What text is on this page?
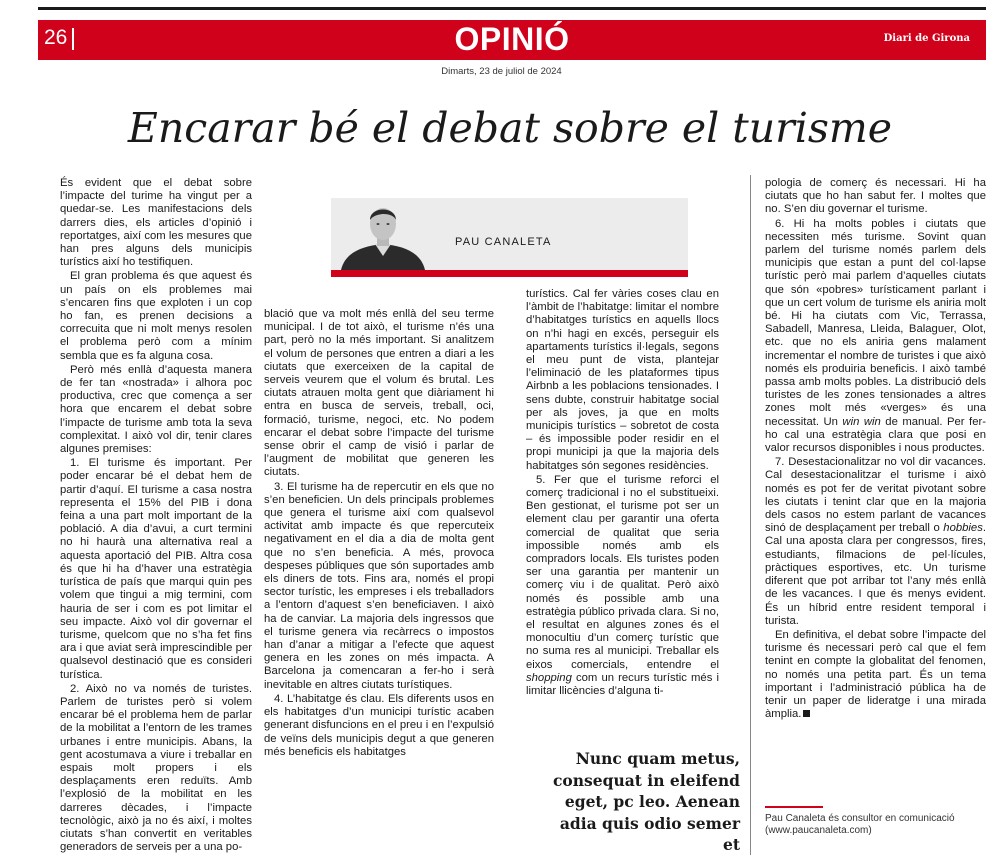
26	OPINIÓ	Diari de Girona
Dimarts, 23 de juliol de 2024
Encarar bé el debat sobre el turisme

És evident que el debat sobre l’impacte del turime ha vingut per a quedar-se. Les manifestacions dels darrers dies, els articles d’opinió i reportatges, així com les mesures que han pres alguns dels municipis turístics així ho testifiquen.

El gran problema és que aquest és un país on els problemes mai s’encaren fins que exploten i un cop ho fan, es prenen decisions a correcuita que ni molt menys resolen el problema però com a mínim sembla que es fa alguna cosa.

Però més enllà d’aquesta manera de fer tan «nostrada» i alhora poc productiva, crec que comença a ser hora que encarem el debat sobre l’impacte de turisme amb tota la seva complexitat. I això vol dir, tenir clares algunes premises:

1. El turisme és important. Per poder encarar bé el debat hem de partir d’aquí. El turisme a casa nostra representa el 15% del PIB i dona feina a una part molt important de la població. A dia d’avui, a curt termini no hi haurà una alternativa real a aquesta aportació del PIB. Altra cosa és que hi ha d’haver una estratègia turística de país que marqui quin pes volem que tingui a mig termini, com hauria de ser i com es pot limitar el seu impacte. Això vol dir governar el turisme, quelcom que no s’ha fet fins ara i que aviat serà imprescindible per qualsevol destinació que es consideri turística.

2. Això no va només de turistes. Parlem de turistes però si volem encarar bé el problema hem de parlar de la mobilitat a l’entorn de les trames urbanes i entre municipis. Abans, la gent acostumava a viure i treballar en espais molt propers i els desplaçaments eren reduïts. Amb l’explosió de la mobilitat en les darreres dècades, i l’impacte tecnològic, això ja no és així, i moltes ciutats s’han convertit en veritables generadors de serveis per a una po-

PAU CANALETA

blació que va molt més enllà del seu terme municipal. I de tot això, el turisme n’és una part, però no la més important. Si analitzem el volum de persones que entren a diari a les ciutats que exerceixen de la capital de serveis veurem que el volum és brutal. Les ciutats atrauen molta gent que diàriament hi entra en busca de serveis, treball, oci, formació, turisme, negoci, etc. No podem encarar el debat sobre l’impacte del turisme sense obrir el camp de visió i parlar de l’augment de mobilitat que generen les ciutats.

3. El turisme ha de repercutir en els que no s’en beneficien. Un dels principals problemes que genera el turisme així com qualsevol activitat amb impacte és que repercuteix negativament en el dia a dia de molta gent que no s’en beneficia. A més, provoca despeses públiques que són suportades amb els diners de tots. Fins ara, només el propi sector turístic, les empreses i els treballadors a l’entorn d’aquest s’en beneficiaven. I això ha de canviar. La majoria dels ingressos que el turisme genera via recàrrecs o impostos han d’anar a mitigar a l’efecte que aquest genera en les zones on més impacta. A Barcelona ja comencaran a fer-ho i serà inevitable en altres ciutats turístiques.

4. L’habitatge és clau. Els diferents usos en els habitatges d’un municipi turístic acaben generant disfuncions en el preu i en l’expulsió de veïns dels municipis degut a que generen més beneficis els habitatges

turístics. Cal fer vàries coses clau en l’àmbit de l’habitatge: limitar el nombre d’habitatges turístics en aquells llocs on n’hi hagi en excés, perseguir els apartaments turístics il·legals, segons el meu punt de vista, plantejar l’eliminació de les plataformes tipus Airbnb a les poblacions tensionades. I sens dubte, construir habitatge social per als joves, ja que en molts municipis turístics – sobretot de costa – és impossible poder residir en el propi municipi ja que la majoria dels habitatges són segones residències.

5. Fer que el turisme reforci el comerç tradicional i no el substitueixi. Ben gestionat, el turisme pot ser un element clau per garantir una oferta comercial de qualitat que seria impossible només amb els compradors locals. Els turistes poden ser una garantia per mantenir un comerç viu i de qualitat. Però això només és possible amb una estratègia público privada clara. Si no, el resultat en algunes zones és el monocultiu d’un comerç turístic que no suma res al municipi. Treballar els eixos comercials, entendre el shopping com un recurs turístic més i limitar llicències d’alguna ti-

Nunc quam metus, consequat in eleifend eget, pc leo. Aenean adia quis odio semer et

pologia de comerç és necessari. Hi ha ciutats que ho han sabut fer. I moltes que no. S’en diu governar el turisme.

6. Hi ha molts pobles i ciutats que necessiten més turisme. Sovint quan parlem del turisme només parlem dels municipis que estan a punt del col·lapse turístic però mai parlem d’aquelles ciutats que són «pobres» turísticament parlant i que un cert volum de turisme els aniria molt bé. Hi ha ciutats com Vic, Terrassa, Sabadell, Manresa, Lleida, Balaguer, Olot, etc. que no els aniria gens malament incrementar el nombre de turistes i que això només els produiria beneficis. I això també passa amb molts pobles. La distribució dels turistes de les zones tensionades a altres zones molt més «verges» és una necessitat. Un win win de manual. Per fer-ho cal una estratègia clara que posi en valor recursos disponibles i nous productes.

7. Desestacionalitzar no vol dir vacances. Cal desestacionalitzar el turisme i això només es pot fer de veritat pivotant sobre les ciutats i tenint clar que en la majoria dels casos no estem parlant de vacances sinó de desplaçament per treball o hobbies. Cal una aposta clara per congressos, fires, estudiants, filmacions de pel·lícules, pràctiques esportives, etc. Un turisme diferent que pot arribar tot l’any més enllà de les vacances. I que és menys evident. És un híbrid entre resident temporal i turista.

En definitiva, el debat sobre l’impacte del turisme és necessari però cal que el fem tenint en compte la globalitat del fenomen, no només una petita part. És un tema important i l’administració pública ha de tenir un paper de lideratge i una mirada àmplia.

Pau Canaleta és consultor en comunicació (www.paucanaleta.com)
